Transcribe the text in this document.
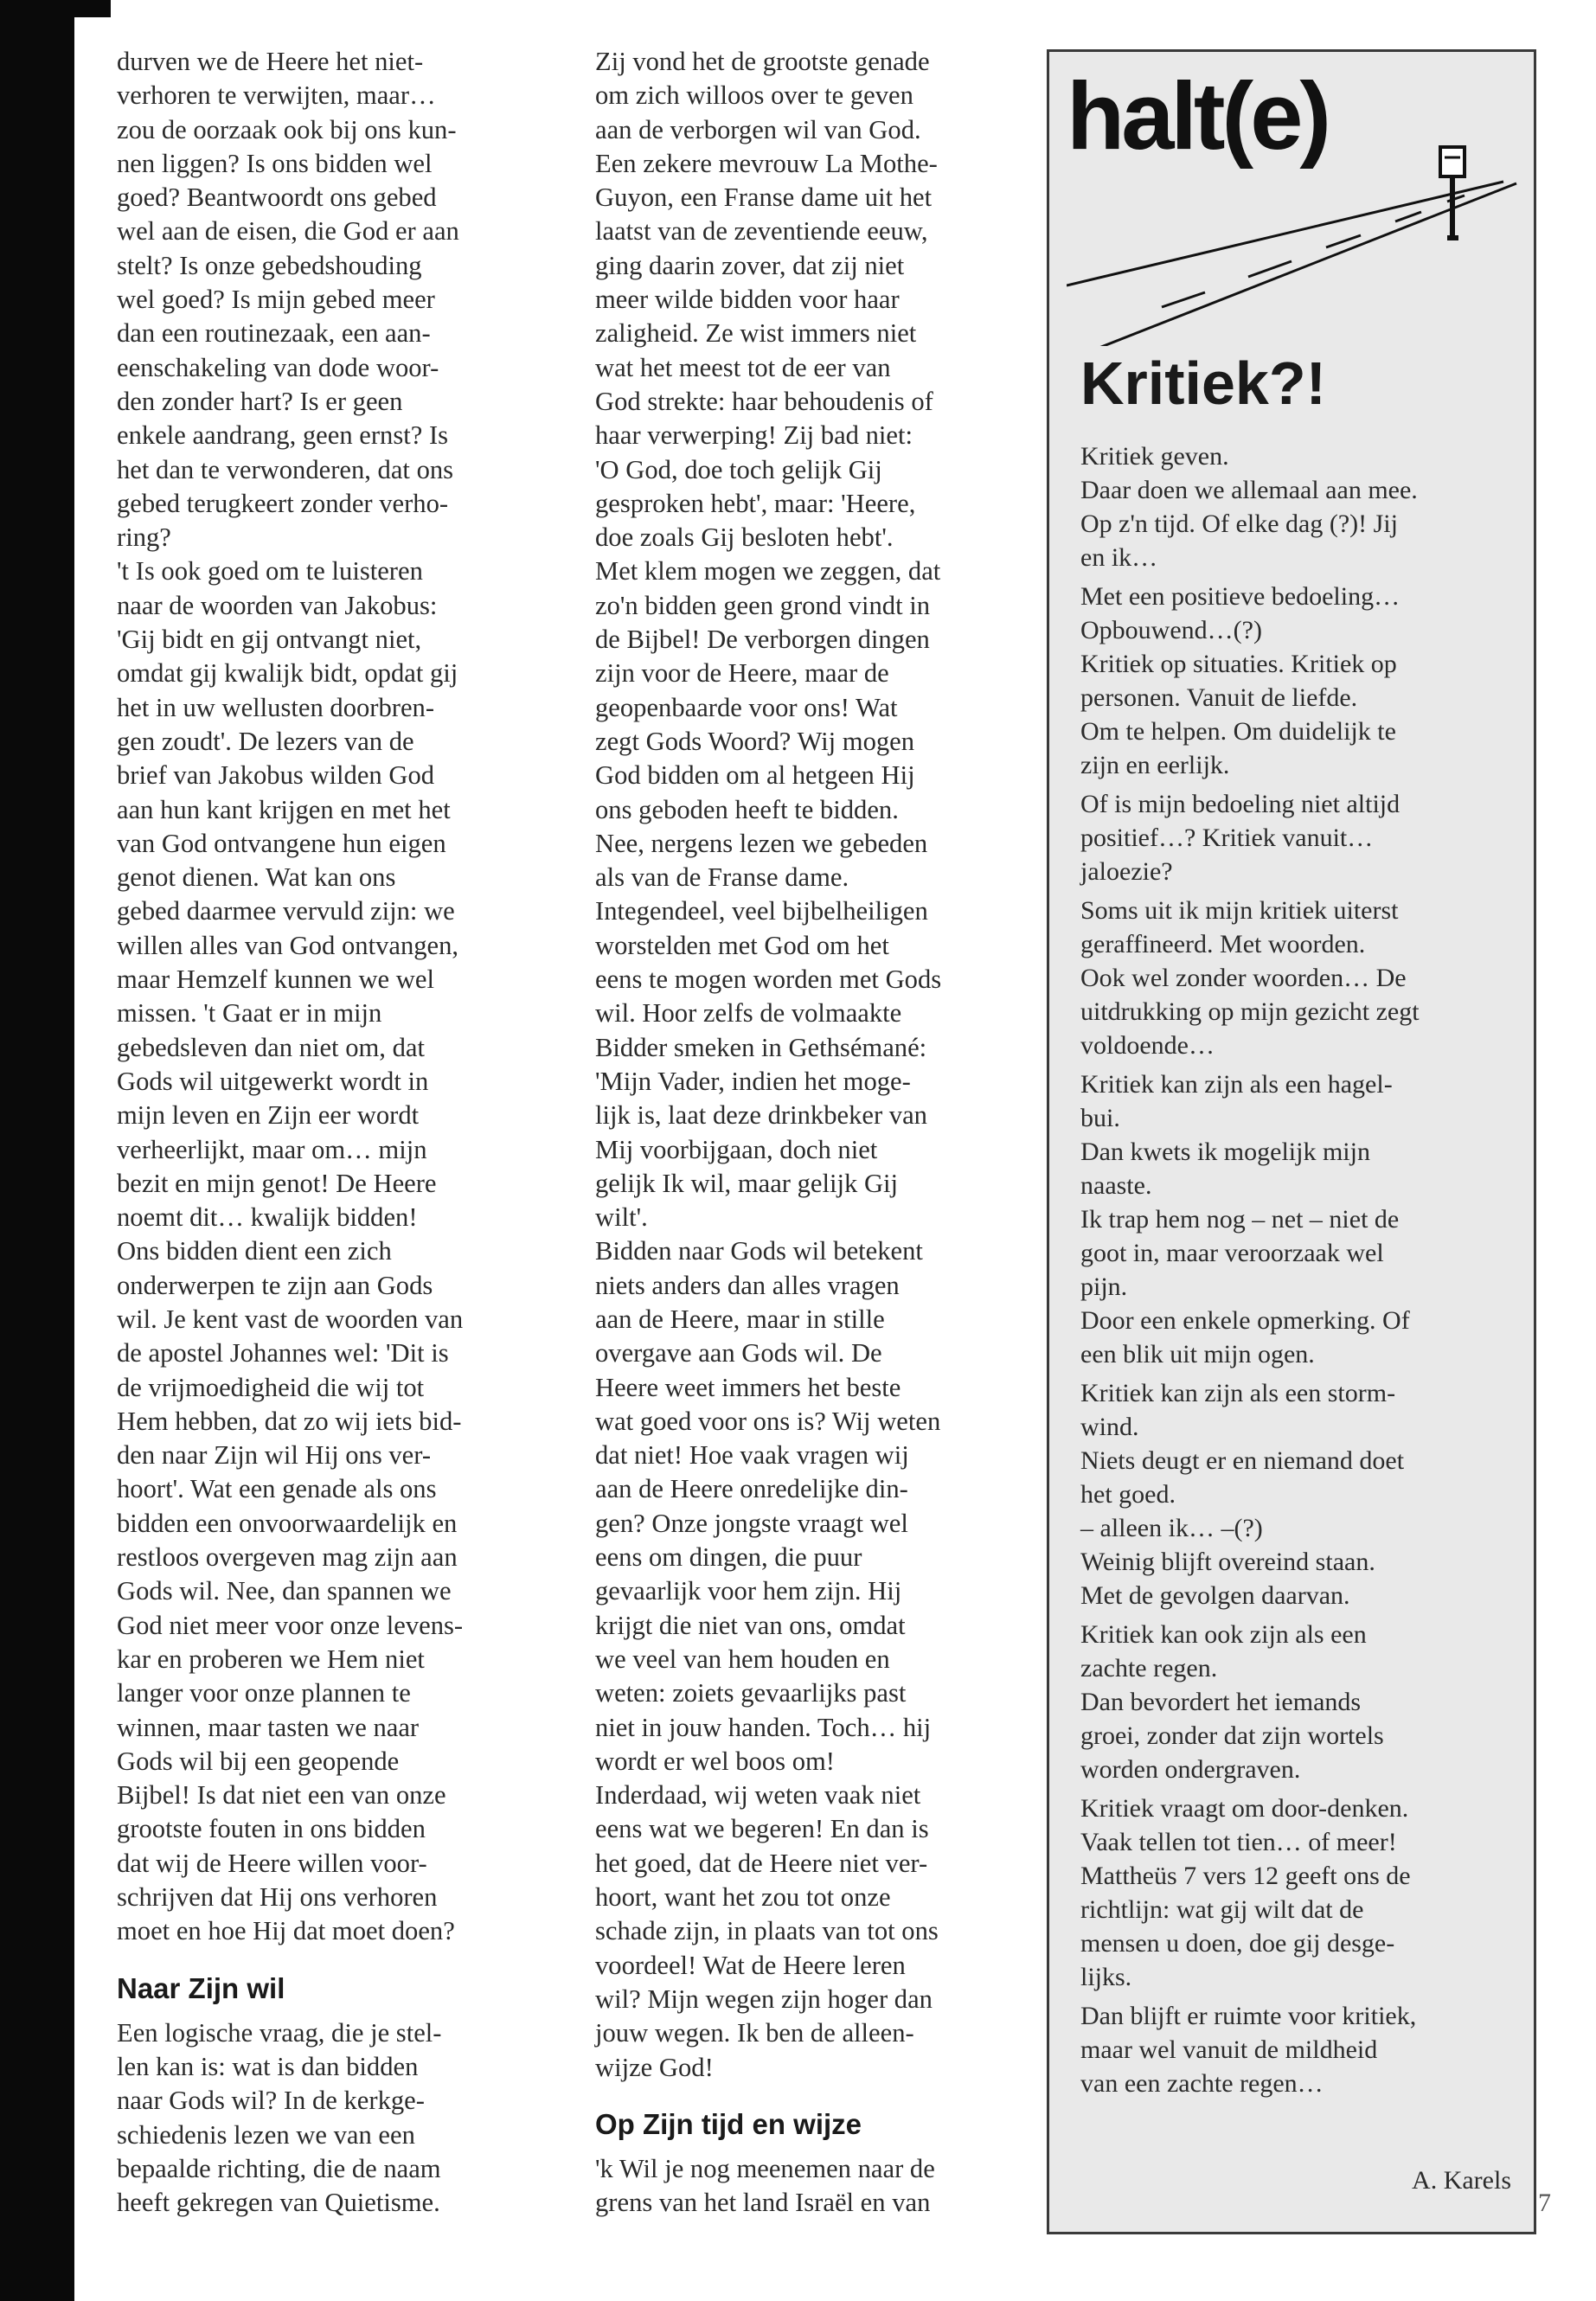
durven we de Heere het niet-
verhoren te verwijten, maar…
zou de oorzaak ook bij ons kun-
nen liggen? Is ons bidden wel
goed? Beantwoordt ons gebed
wel aan de eisen, die God er aan
stelt? Is onze gebedshouding
wel goed? Is mijn gebed meer
dan een routinezaak, een aan-
eenschakeling van dode woor-
den zonder hart? Is er geen
enkele aandrang, geen ernst? Is
het dan te verwonderen, dat ons
gebed terugkeert zonder verho-
ring?

't Is ook goed om te luisteren
naar de woorden van Jakobus:
'Gij bidt en gij ontvangt niet,
omdat gij kwalijk bidt, opdat gij
het in uw wellusten doorbren-
gen zoudt'. De lezers van de
brief van Jakobus wilden God
aan hun kant krijgen en met het
van God ontvangene hun eigen
genot dienen. Wat kan ons
gebed daarmee vervuld zijn: we
willen alles van God ontvangen,
maar Hemzelf kunnen we wel
missen. 't Gaat er in mijn
gebedsleven dan niet om, dat
Gods wil uitgewerkt wordt in
mijn leven en Zijn eer wordt
verheerlijkt, maar om… mijn
bezit en mijn genot! De Heere
noemt dit… kwalijk bidden!
Ons bidden dient een zich
onderwerpen te zijn aan Gods
wil. Je kent vast de woorden van
de apostel Johannes wel: 'Dit is
de vrijmoedigheid die wij tot
Hem hebben, dat zo wij iets bid-
den naar Zijn wil Hij ons ver-
hoort'. Wat een genade als ons
bidden een onvoorwaardelijk en
restloos overgeven mag zijn aan
Gods wil. Nee, dan spannen we
God niet meer voor onze levens-
kar en proberen we Hem niet
langer voor onze plannen te
winnen, maar tasten we naar
Gods wil bij een geopende
Bijbel! Is dat niet een van onze
grootste fouten in ons bidden
dat wij de Heere willen voor-
schrijven dat Hij ons verhoren
moet en hoe Hij dat moet doen?

Naar Zijn wil

Een logische vraag, die je stel-
len kan is: wat is dan bidden
naar Gods wil? In de kerkge-
schiedenis lezen we van een
bepaalde richting, die de naam
heeft gekregen van Quietisme.

Zij vond het de grootste genade
om zich willoos over te geven
aan de verborgen wil van God.
Een zekere mevrouw La Mothe-
Guyon, een Franse dame uit het
laatst van de zeventiende eeuw,
ging daarin zover, dat zij niet
meer wilde bidden voor haar
zaligheid. Ze wist immers niet
wat het meest tot de eer van
God strekte: haar behoudenis of
haar verwerping! Zij bad niet:
'O God, doe toch gelijk Gij
gesproken hebt', maar: 'Heere,
doe zoals Gij besloten hebt'.
Met klem mogen we zeggen, dat
zo'n bidden geen grond vindt in
de Bijbel! De verborgen dingen
zijn voor de Heere, maar de
geopenbaarde voor ons! Wat
zegt Gods Woord? Wij mogen
God bidden om al hetgeen Hij
ons geboden heeft te bidden.
Nee, nergens lezen we gebeden
als van de Franse dame.
Integendeel, veel bijbelheiligen
worstelden met God om het
eens te mogen worden met Gods
wil. Hoor zelfs de volmaakte
Bidder smeken in Gethsémané:
'Mijn Vader, indien het moge-
lijk is, laat deze drinkbeker van
Mij voorbijgaan, doch niet
gelijk Ik wil, maar gelijk Gij
wilt'.

Bidden naar Gods wil betekent
niets anders dan alles vragen
aan de Heere, maar in stille
overgave aan Gods wil. De
Heere weet immers het beste
wat goed voor ons is? Wij weten
dat niet! Hoe vaak vragen wij
aan de Heere onredelijke din-
gen? Onze jongste vraagt wel
eens om dingen, die puur
gevaarlijk voor hem zijn. Hij
krijgt die niet van ons, omdat
we veel van hem houden en
weten: zoiets gevaarlijks past
niet in jouw handen. Toch… hij
wordt er wel boos om!
Inderdaad, wij weten vaak niet
eens wat we begeren! En dan is
het goed, dat de Heere niet ver-
hoort, want het zou tot onze
schade zijn, in plaats van tot ons
voordeel! Wat de Heere leren
wil? Mijn wegen zijn hoger dan
jouw wegen. Ik ben de alleen-
wijze God!

Op Zijn tijd en wijze

'k Wil je nog meenemen naar de
grens van het land Israël en van

halt(e)
Kritiek?!

Kritiek geven.
Daar doen we allemaal aan mee.
Op z'n tijd. Of elke dag (?)! Jij
en ik…

Met een positieve bedoeling…
Opbouwend…(?)
Kritiek op situaties. Kritiek op
personen. Vanuit de liefde.
Om te helpen. Om duidelijk te
zijn en eerlijk.

Of is mijn bedoeling niet altijd
positief…? Kritiek vanuit…
jaloezie?

Soms uit ik mijn kritiek uiterst
geraffineerd. Met woorden.
Ook wel zonder woorden… De
uitdrukking op mijn gezicht zegt
voldoende…

Kritiek kan zijn als een hagel-
bui.
Dan kwets ik mogelijk mijn
naaste.
Ik trap hem nog – net – niet de
goot in, maar veroorzaak wel
pijn.
Door een enkele opmerking. Of
een blik uit mijn ogen.

Kritiek kan zijn als een storm-
wind.
Niets deugt er en niemand doet
het goed.
– alleen ik… –(?)
Weinig blijft overeind staan.
Met de gevolgen daarvan.

Kritiek kan ook zijn als een
zachte regen.
Dan bevordert het iemands
groei, zonder dat zijn wortels
worden ondergraven.

Kritiek vraagt om door-denken.
Vaak tellen tot tien… of meer!
Mattheüs 7 vers 12 geeft ons de
richtlijn: wat gij wilt dat de
mensen u doen, doe gij desge-
lijks.

Dan blijft er ruimte voor kritiek,
maar wel vanuit de mildheid
van een zachte regen…

A. Karels
7
